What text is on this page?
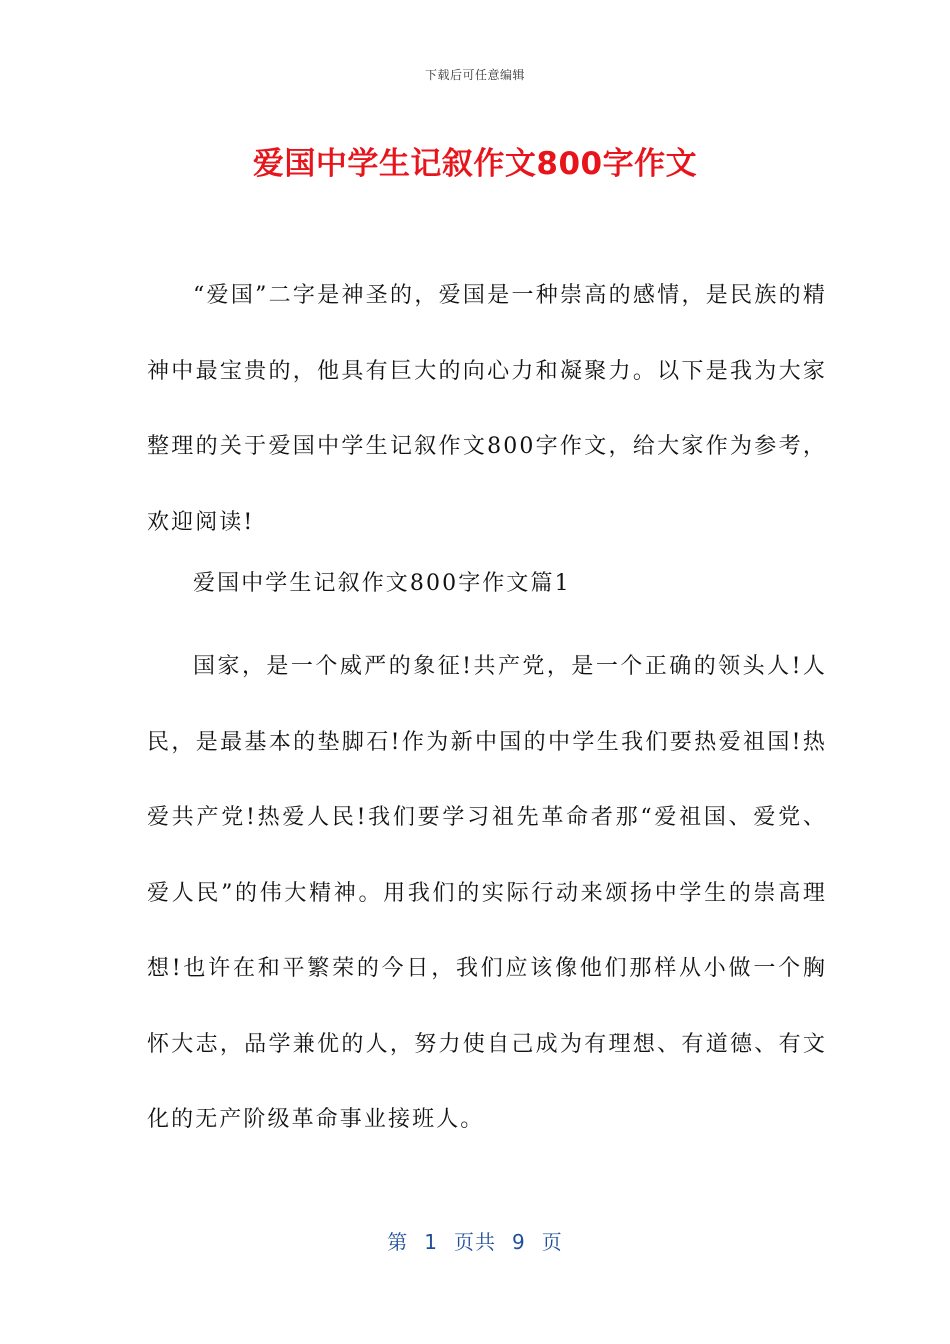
下载后可任意编辑
爱国中学生记叙作文800字作文

“爱国”二字是神圣的，爱国是一种崇高的感情，是民族的精神中最宝贵的，他具有巨大的向心力和凝聚力。以下是我为大家整理的关于爱国中学生记叙作文800字作文，给大家作为参考，欢迎阅读!

爱国中学生记叙作文800字作文篇1

国家，是一个威严的象征!共产党，是一个正确的领头人!人民，是最基本的垫脚石!作为新中国的中学生我们要热爱祖国!热爱共产党!热爱人民!我们要学习祖先革命者那“爱祖国、爱党、爱人民”的伟大精神。用我们的实际行动来颂扬中学生的崇高理想!也许在和平繁荣的今日，我们应该像他们那样从小做一个胸怀大志，品学兼优的人，努力使自己成为有理想、有道德、有文化的无产阶级革命事业接班人。

第 1 页共 9 页
